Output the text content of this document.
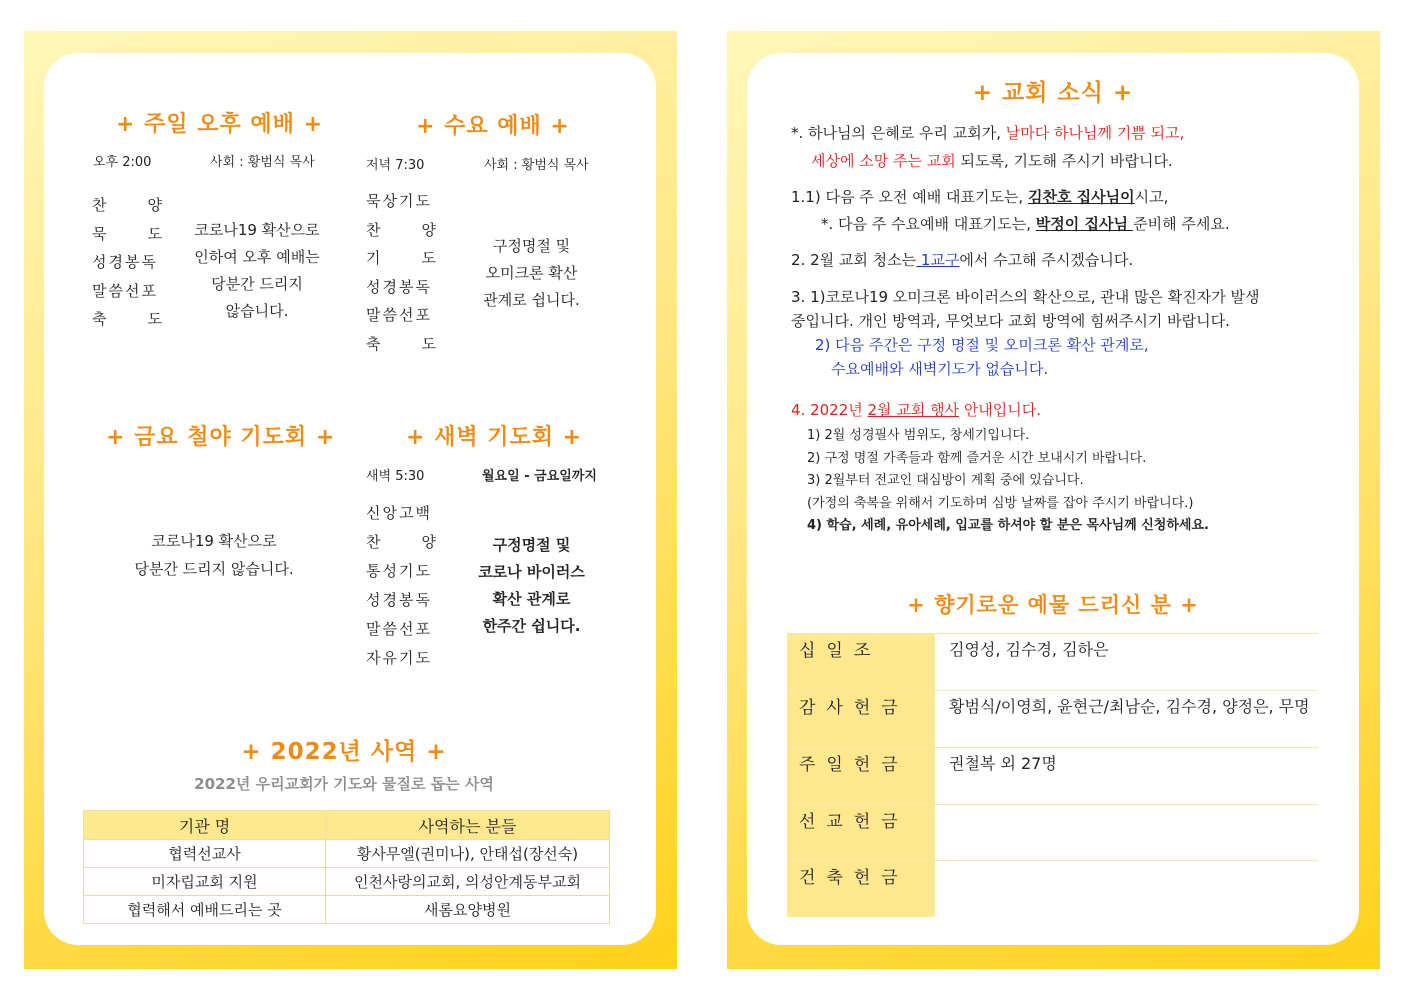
+ 주일 오후 예배 +
오후 2:00	사회 : 황범식 목사
찬	양
묵	도
성경봉독
말씀선포
축	도
코로나19 확산으로
인하여 오후 예배는
당분간 드리지
않습니다.
+ 수요 예배 +
저녁 7:30	사회 : 황범식 목사
묵상기도
찬	양
기	도
성경봉독
말씀선포
축	도
구정명절 및
오미크론 확산
관계로 쉽니다.
+ 금요 철야 기도회 +
코로나19 확산으로
당분간 드리지 않습니다.
+ 새벽 기도회 +
새벽 5:30	월요일 - 금요일까지
신앙고백
찬	양
통성기도
성경봉독
말씀선포
자유기도
구정명절 및
코로나 바이러스
확산 관계로
한주간 쉽니다.
+ 2022년 사역 +
2022년 우리교회가 기도와 물질로 돕는 사역
기관 명	사역하는 분들
협력선교사	황사무엘(권미나), 안태섭(장선숙)
미자립교회 지원	인천사랑의교회, 의성안계동부교회
협력해서 예배드리는 곳	새롬요양병원
+ 교회 소식 +
*. 하나님의 은혜로 우리 교회가, 날마다 하나님께 기쁨 되고,
세상에 소망 주는 교회 되도록, 기도해 주시기 바랍니다.
1.1) 다음 주 오전 예배 대표기도는, 김찬호 집사님이시고,
*. 다음 주 수요예배 대표기도는, 박정이 집사님 준비해 주세요.
2. 2월 교회 청소는 1교구에서 수고해 주시겠습니다.
3. 1)코로나19 오미크론 바이러스의 확산으로, 관내 많은 확진자가 발생
중입니다. 개인 방역과, 무엇보다 교회 방역에 힘써주시기 바랍니다.
2) 다음 주간은 구정 명절 및 오미크론 확산 관계로,
수요예배와 새벽기도가 없습니다.
4. 2022년 2월 교회 행사 안내입니다.
1) 2월 성경필사 범위도, 창세기입니다.
2) 구정 명절 가족들과 함께 즐거운 시간 보내시기 바랍니다.
3) 2월부터 전교인 대심방이 계획 중에 있습니다.
(가정의 축복을 위해서 기도하며 심방 날짜를 잡아 주시기 바랍니다.)
4) 학습, 세례, 유아세례, 입교를 하셔야 할 분은 목사님께 신청하세요.
+ 향기로운 예물 드리신 분 +
십일조	김영성, 김수경, 김하은
감사헌금	황범식/이영희, 윤현근/최남순, 김수경, 양정은, 무명
주일헌금	권철복 외 27명
선교헌금	
건축헌금	
